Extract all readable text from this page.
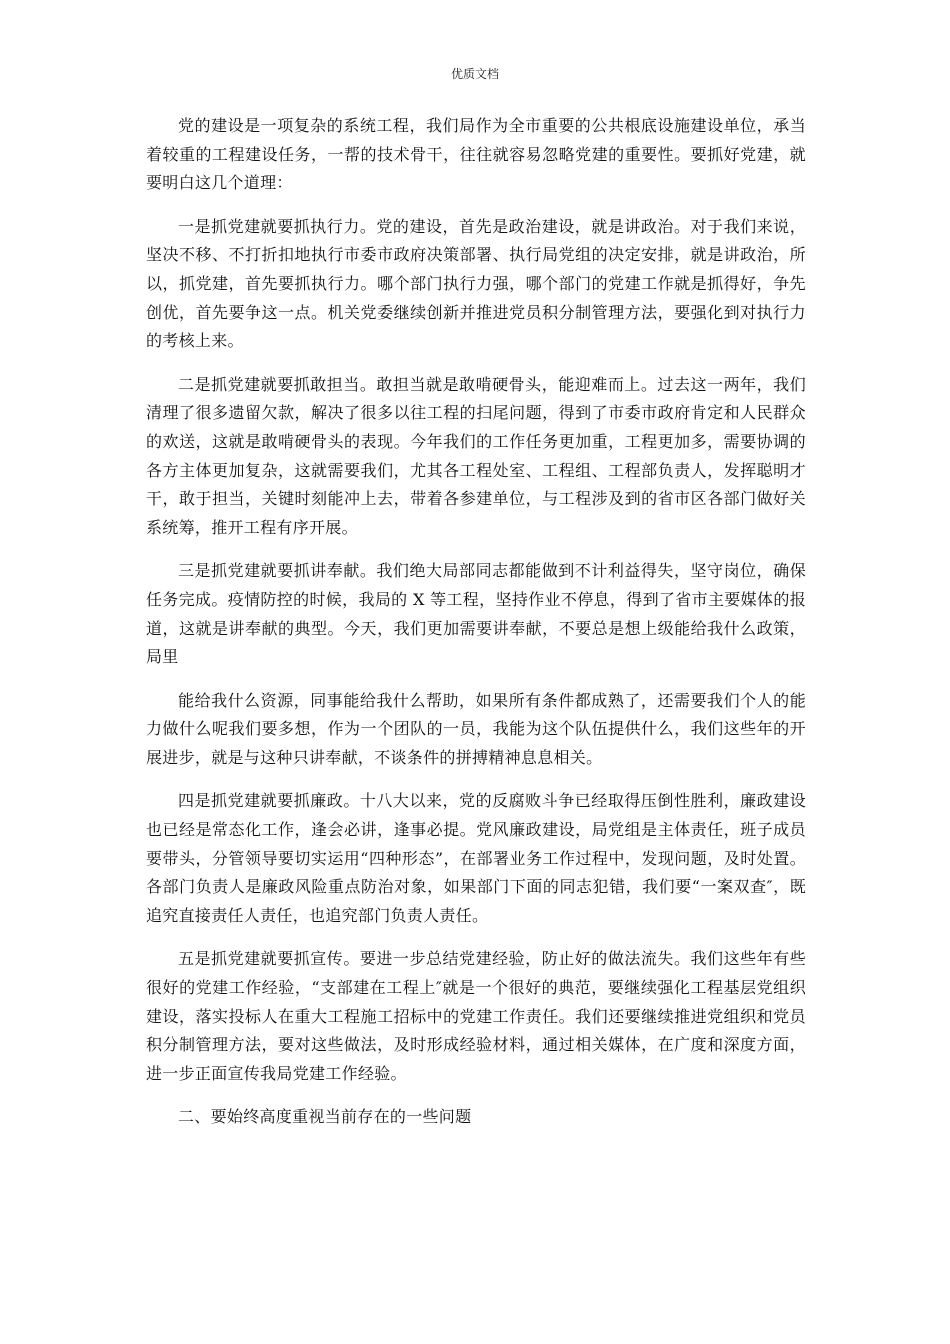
优质文档

党的建设是一项复杂的系统工程，我们局作为全市重要的公共根底设施建设单位，承当着较重的工程建设任务，一帮的技术骨干，往往就容易忽略党建的重要性。要抓好党建，就要明白这几个道理：

一是抓党建就要抓执行力。党的建设，首先是政治建设，就是讲政治。对于我们来说，坚决不移、不打折扣地执行市委市政府决策部署、执行局党组的决定安排，就是讲政治，所以，抓党建，首先要抓执行力。哪个部门执行力强，哪个部门的党建工作就是抓得好，争先创优，首先要争这一点。机关党委继续创新并推进党员积分制管理方法，要强化到对执行力的考核上来。

二是抓党建就要抓敢担当。敢担当就是敢啃硬骨头，能迎难而上。过去这一两年，我们清理了很多遗留欠款，解决了很多以往工程的扫尾问题，得到了市委市政府肯定和人民群众的欢送，这就是敢啃硬骨头的表现。今年我们的工作任务更加重，工程更加多，需要协调的各方主体更加复杂，这就需要我们，尤其各工程处室、工程组、工程部负责人，发挥聪明才干，敢于担当，关键时刻能冲上去，带着各参建单位，与工程涉及到的省市区各部门做好关系统筹，推开工程有序开展。

三是抓党建就要抓讲奉献。我们绝大局部同志都能做到不计利益得失，坚守岗位，确保任务完成。疫情防控的时候，我局的 X 等工程，坚持作业不停息，得到了省市主要媒体的报道，这就是讲奉献的典型。今天，我们更加需要讲奉献，不要总是想上级能给我什么政策，局里

能给我什么资源，同事能给我什么帮助，如果所有条件都成熟了，还需要我们个人的能力做什么呢我们要多想，作为一个团队的一员，我能为这个队伍提供什么，我们这些年的开展进步，就是与这种只讲奉献，不谈条件的拼搏精神息息相关。

四是抓党建就要抓廉政。十八大以来，党的反腐败斗争已经取得压倒性胜利，廉政建设也已经是常态化工作，逢会必讲，逢事必提。党风廉政建设，局党组是主体责任，班子成员要带头，分管领导要切实运用“四种形态”，在部署业务工作过程中，发现问题，及时处置。各部门负责人是廉政风险重点防治对象，如果部门下面的同志犯错，我们要“一案双查″，既追究直接责任人责任，也追究部门负责人责任。

五是抓党建就要抓宣传。要进一步总结党建经验，防止好的做法流失。我们这些年有些很好的党建工作经验，“支部建在工程上″就是一个很好的典范，要继续强化工程基层党组织建设，落实投标人在重大工程施工招标中的党建工作责任。我们还要继续推进党组织和党员积分制管理方法，要对这些做法，及时形成经验材料，通过相关媒体，在广度和深度方面，进一步正面宣传我局党建工作经验。

二、要始终高度重视当前存在的一些问题
